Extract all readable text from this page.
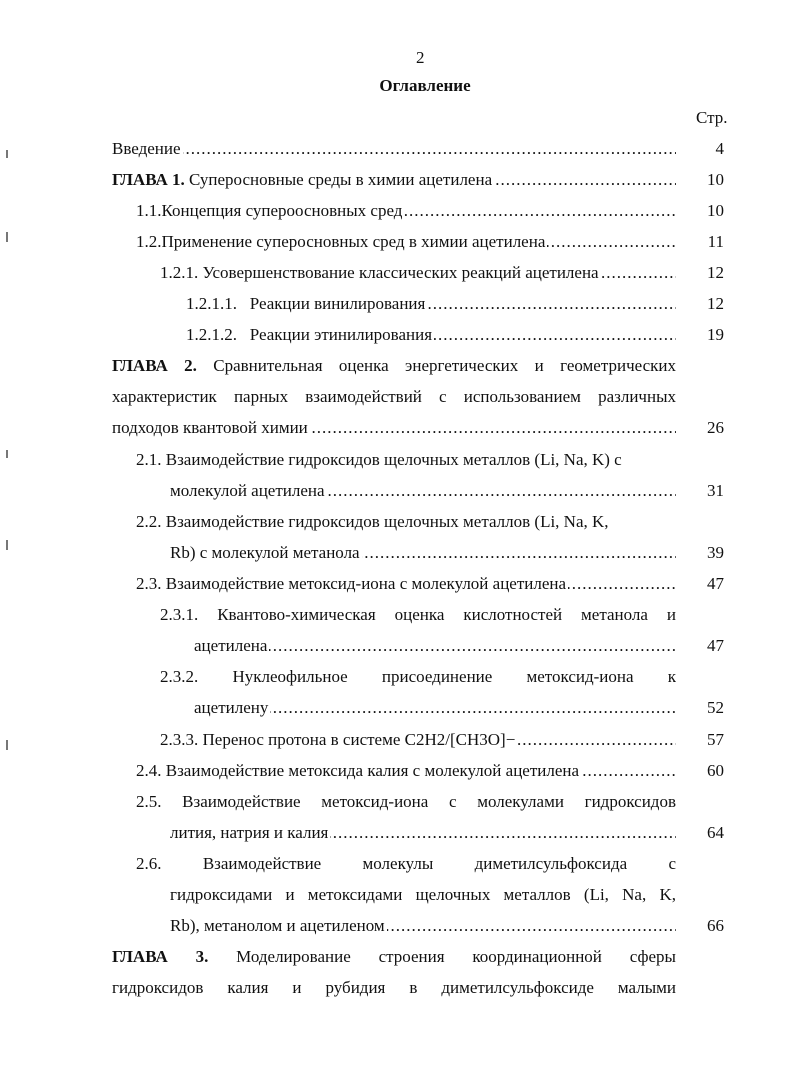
2
Оглавление
Стр.
Введение .....	4
ГЛАВА 1. Суперосновные среды в химии ацетилена .....	10
1.1.Концепция супероосновных сред .....	10
1.2.Применение суперосновных сред в химии ацетилена .....	11
1.2.1. Усовершенствование классических реакций ацетилена .....	12
1.2.1.1.   Реакции винилирования .....	12
1.2.1.2.   Реакции этинилирования .....	19
ГЛАВА 2. Сравнительная оценка энергетических и геометрических
характеристик парных взаимодействий с использованием различных
подходов квантовой химии .....	26
2.1. Взаимодействие гидроксидов щелочных металлов (Li, Na, K) с
молекулой ацетилена .....	31
2.2. Взаимодействие гидроксидов щелочных металлов (Li, Na, K,
Rb) с молекулой метанола .....	39
2.3. Взаимодействие метоксид-иона с молекулой ацетилена .....	47
2.3.1. Квантово-химическая оценка кислотностей метанола и
ацетилена .....	47
2.3.2. Нуклеофильное присоединение метоксид-иона к
ацетилену .....	52
2.3.3. Перенос протона в системе C2H2/[CH3O]− .....	57
2.4. Взаимодействие метоксида калия с молекулой ацетилена .....	60
2.5. Взаимодействие метоксид-иона с молекулами гидроксидов
лития, натрия и калия .....	64
2.6. Взаимодействие молекулы диметилсульфоксида с
гидроксидами и метоксидами щелочных металлов (Li, Na, K,
Rb), метанолом и ацетиленом .....	66
ГЛАВА 3. Моделирование строения координационной сферы
гидроксидов калия и рубидия в диметилсульфоксиде малыми
